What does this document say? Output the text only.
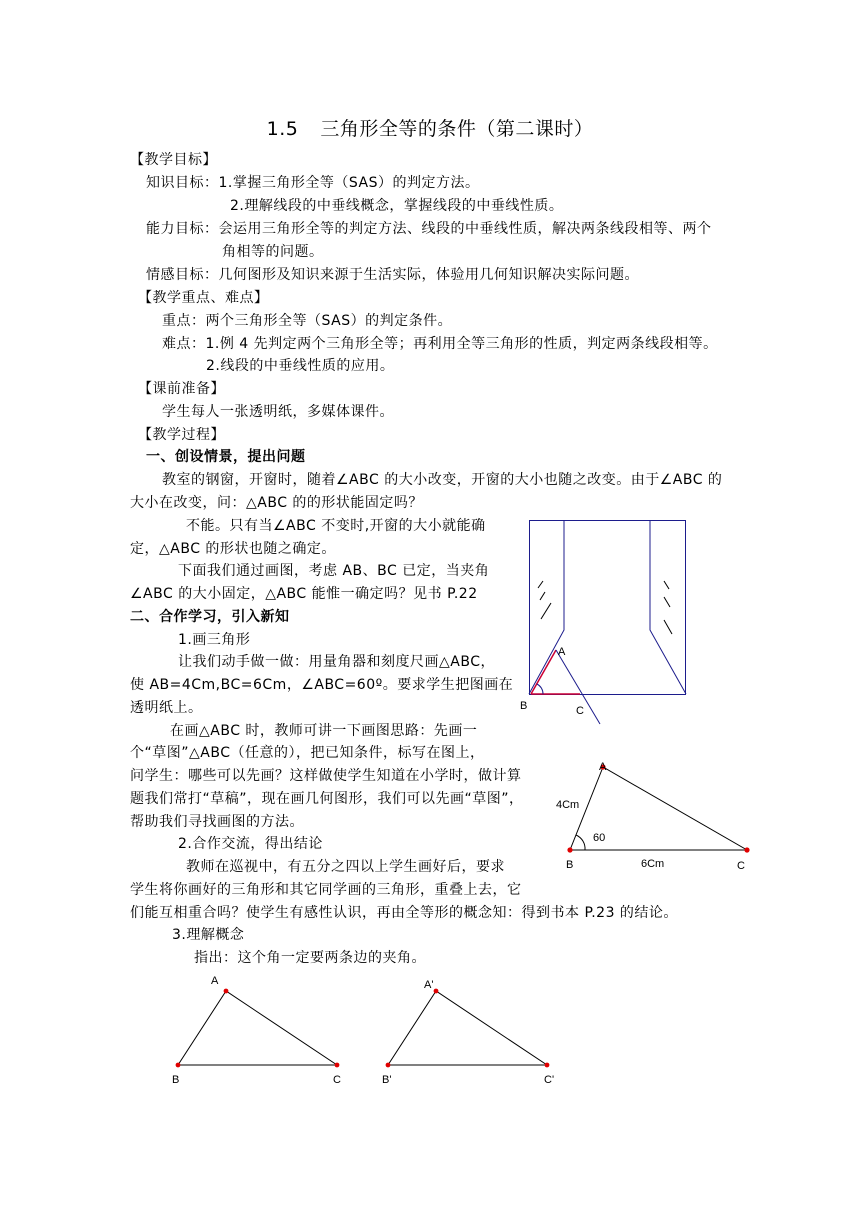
1.5 三角形全等的条件（第二课时）
【教学目标】
知识目标：1.掌握三角形全等（SAS）的判定方法。
2.理解线段的中垂线概念，掌握线段的中垂线性质。
能力目标：会运用三角形全等的判定方法、线段的中垂线性质，解决两条线段相等、两个
角相等的问题。
情感目标：几何图形及知识来源于生活实际，体验用几何知识解决实际问题。
【教学重点、难点】
重点：两个三角形全等（SAS）的判定条件。
难点：1.例 4 先判定两个三角形全等；再利用全等三角形的性质，判定两条线段相等。
2.线段的中垂线性质的应用。
【课前准备】
学生每人一张透明纸，多媒体课件。
【教学过程】
一、创设情景，提出问题
教室的钢窗，开窗时，随着∠ABC 的大小改变，开窗的大小也随之改变。由于∠ABC 的
大小在改变，问：△ABC 的的形状能固定吗？
不能。只有当∠ABC 不变时,开窗的大小就能确
定，△ABC 的形状也随之确定。
下面我们通过画图，考虑 AB、BC 已定，当夹角
∠ABC 的大小固定，△ABC 能惟一确定吗？见书 P.22
二、合作学习，引入新知
1.画三角形
让我们动手做一做：用量角器和刻度尺画△ABC，
使 AB=4Cm,BC=6Cm，∠ABC=60º。要求学生把图画在
透明纸上。
在画△ABC 时，教师可讲一下画图思路：先画一
个“草图”△ABC（任意的），把已知条件，标写在图上，
问学生：哪些可以先画？这样做使学生知道在小学时，做计算
题我们常打“草稿”，现在画几何图形，我们可以先画“草图”，
帮助我们寻找画图的方法。
2.合作交流，得出结论
教师在巡视中，有五分之四以上学生画好后，要求
学生将你画好的三角形和其它同学画的三角形，重叠上去，它
们能互相重合吗？使学生有感性认识，再由全等形的概念知：得到书本 P.23 的结论。
3.理解概念
指出：这个角一定要两条边的夹角。
A
B	C
A
B	C
4Cm
6Cm
60
A
B	C
A'
B'	C'
